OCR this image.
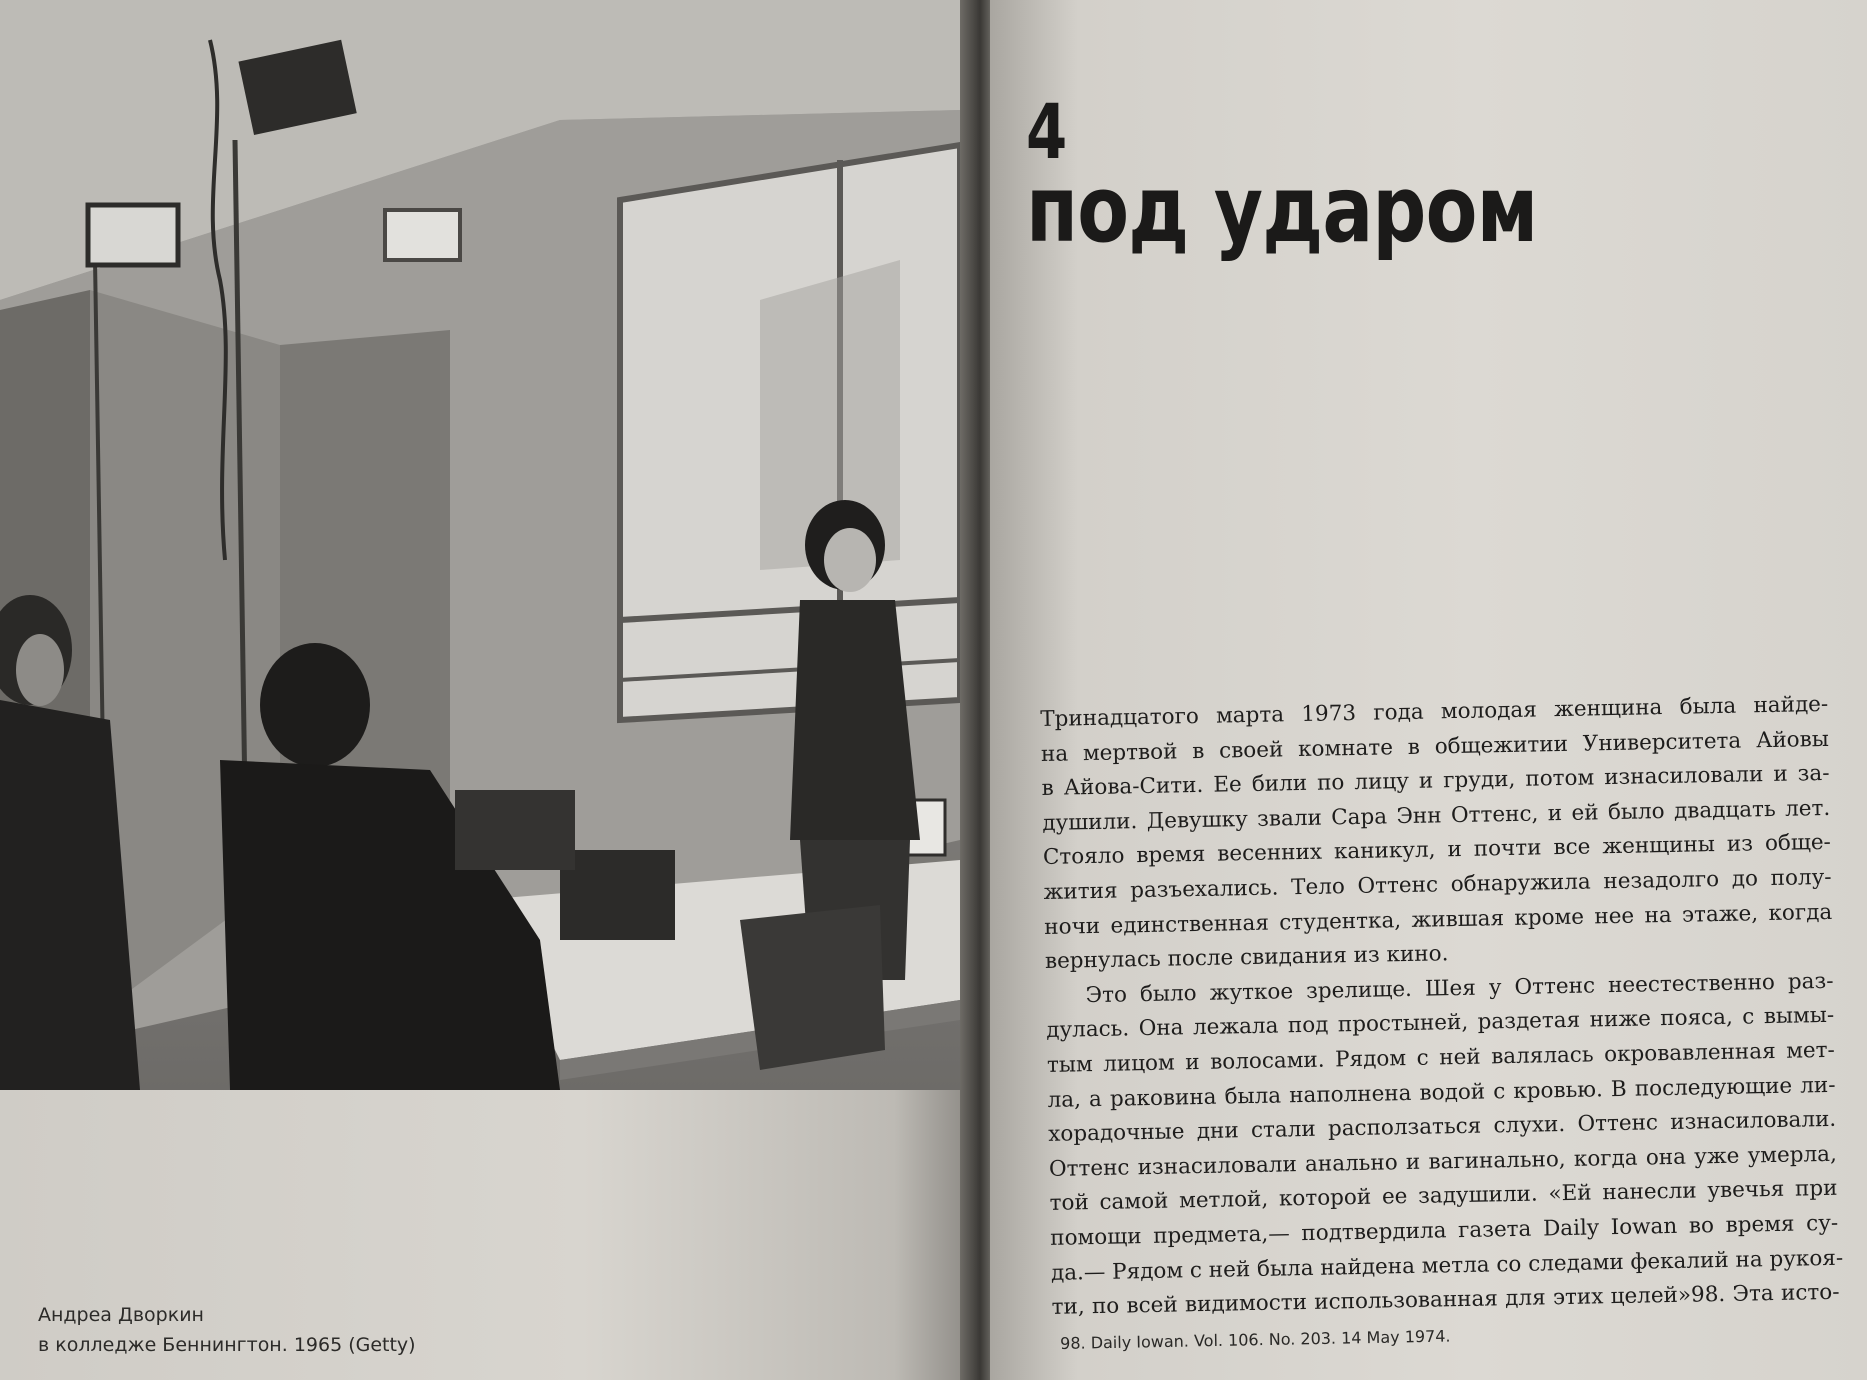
Андреа Дворкин
в колледже Беннингтон. 1965 (Getty)
4
под ударом
Тринадцатого марта 1973 года молодая женщина была найде-
на мертвой в своей комнате в общежитии Университета Айовы
в Айова-Сити. Ее били по лицу и груди, потом изнасиловали и за-
душили. Девушку звали Сара Энн Оттенс, и ей было двадцать лет.
Стояло время весенних каникул, и почти все женщины из обще-
жития разъехались. Тело Оттенс обнаружила незадолго до полу-
ночи единственная студентка, жившая кроме нее на этаже, когда
вернулась после свидания из кино.
Это было жуткое зрелище. Шея у Оттенс неестественно раз-
дулась. Она лежала под простыней, раздетая ниже пояса, с вымы-
тым лицом и волосами. Рядом с ней валялась окровавленная мет-
ла, а раковина была наполнена водой с кровью. В последующие ли-
хорадочные дни стали расползаться слухи. Оттенс изнасиловали.
Оттенс изнасиловали анально и вагинально, когда она уже умерла,
той самой метлой, которой ее задушили. «Ей нанесли увечья при
помощи предмета,— подтвердила газета Daily Iowan во время су-
да.— Рядом с ней была найдена метла со следами фекалий на рукоя-
ти, по всей видимости использованная для этих целей»98. Эта исто-
98. Daily Iowan. Vol. 106. No. 203. 14 May 1974.
